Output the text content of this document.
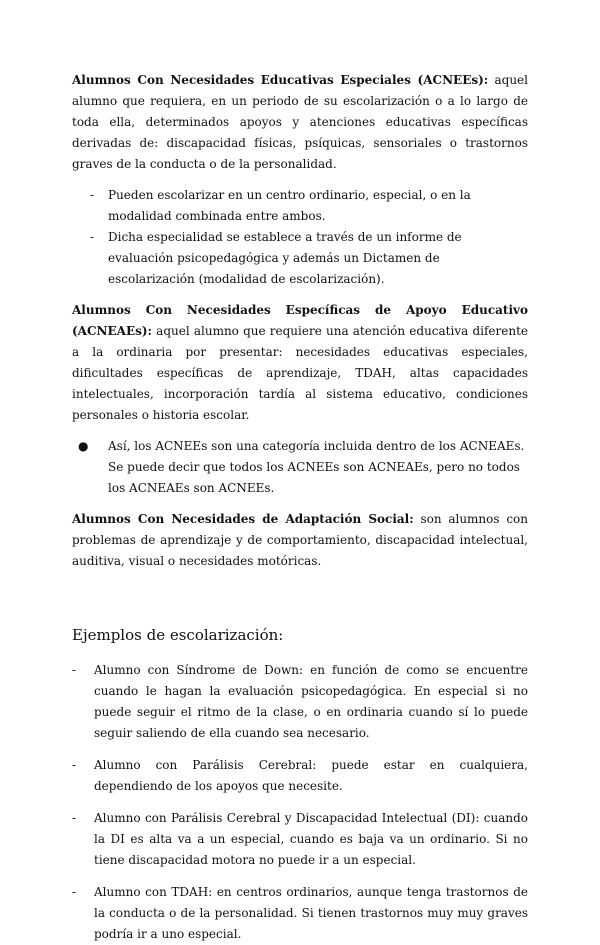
Alumnos Con Necesidades Educativas Especiales (ACNEEs): aquel alumno que requiera, en un periodo de su escolarización o a lo largo de toda ella, determinados apoyos y atenciones educativas específicas derivadas de: discapacidad físicas, psíquicas, sensoriales o trastornos graves de la conducta o de la personalidad.

- Pueden escolarizar en un centro ordinario, especial, o en la modalidad combinada entre ambos.
- Dicha especialidad se establece a través de un informe de evaluación psicopedagógica y además un Dictamen de escolarización (modalidad de escolarización).

Alumnos Con Necesidades Específicas de Apoyo Educativo (ACNEAEs): aquel alumno que requiere una atención educativa diferente a la ordinaria por presentar: necesidades educativas especiales, dificultades específicas de aprendizaje, TDAH, altas capacidades intelectuales, incorporación tardía al sistema educativo, condiciones personales o historia escolar.

● Así, los ACNEEs son una categoría incluida dentro de los ACNEAEs. Se puede decir que todos los ACNEEs son ACNEAEs, pero no todos los ACNEAEs son ACNEEs.

Alumnos Con Necesidades de Adaptación Social: son alumnos con problemas de aprendizaje y de comportamiento, discapacidad intelectual, auditiva, visual o necesidades motóricas.

Ejemplos de escolarización:
- Alumno con Síndrome de Down: en función de como se encuentre cuando le hagan la evaluación psicopedagógica. En especial si no puede seguir el ritmo de la clase, o en ordinaria cuando sí lo puede seguir saliendo de ella cuando sea necesario.
- Alumno con Parálisis Cerebral: puede estar en cualquiera, dependiendo de los apoyos que necesite.
- Alumno con Parálisis Cerebral y Discapacidad Intelectual (DI): cuando la DI es alta va a un especial, cuando es baja va un ordinario. Si no tiene discapacidad motora no puede ir a un especial.
- Alumno con TDAH: en centros ordinarios, aunque tenga trastornos de la conducta o de la personalidad. Si tienen trastornos muy muy graves podría ir a uno especial.
